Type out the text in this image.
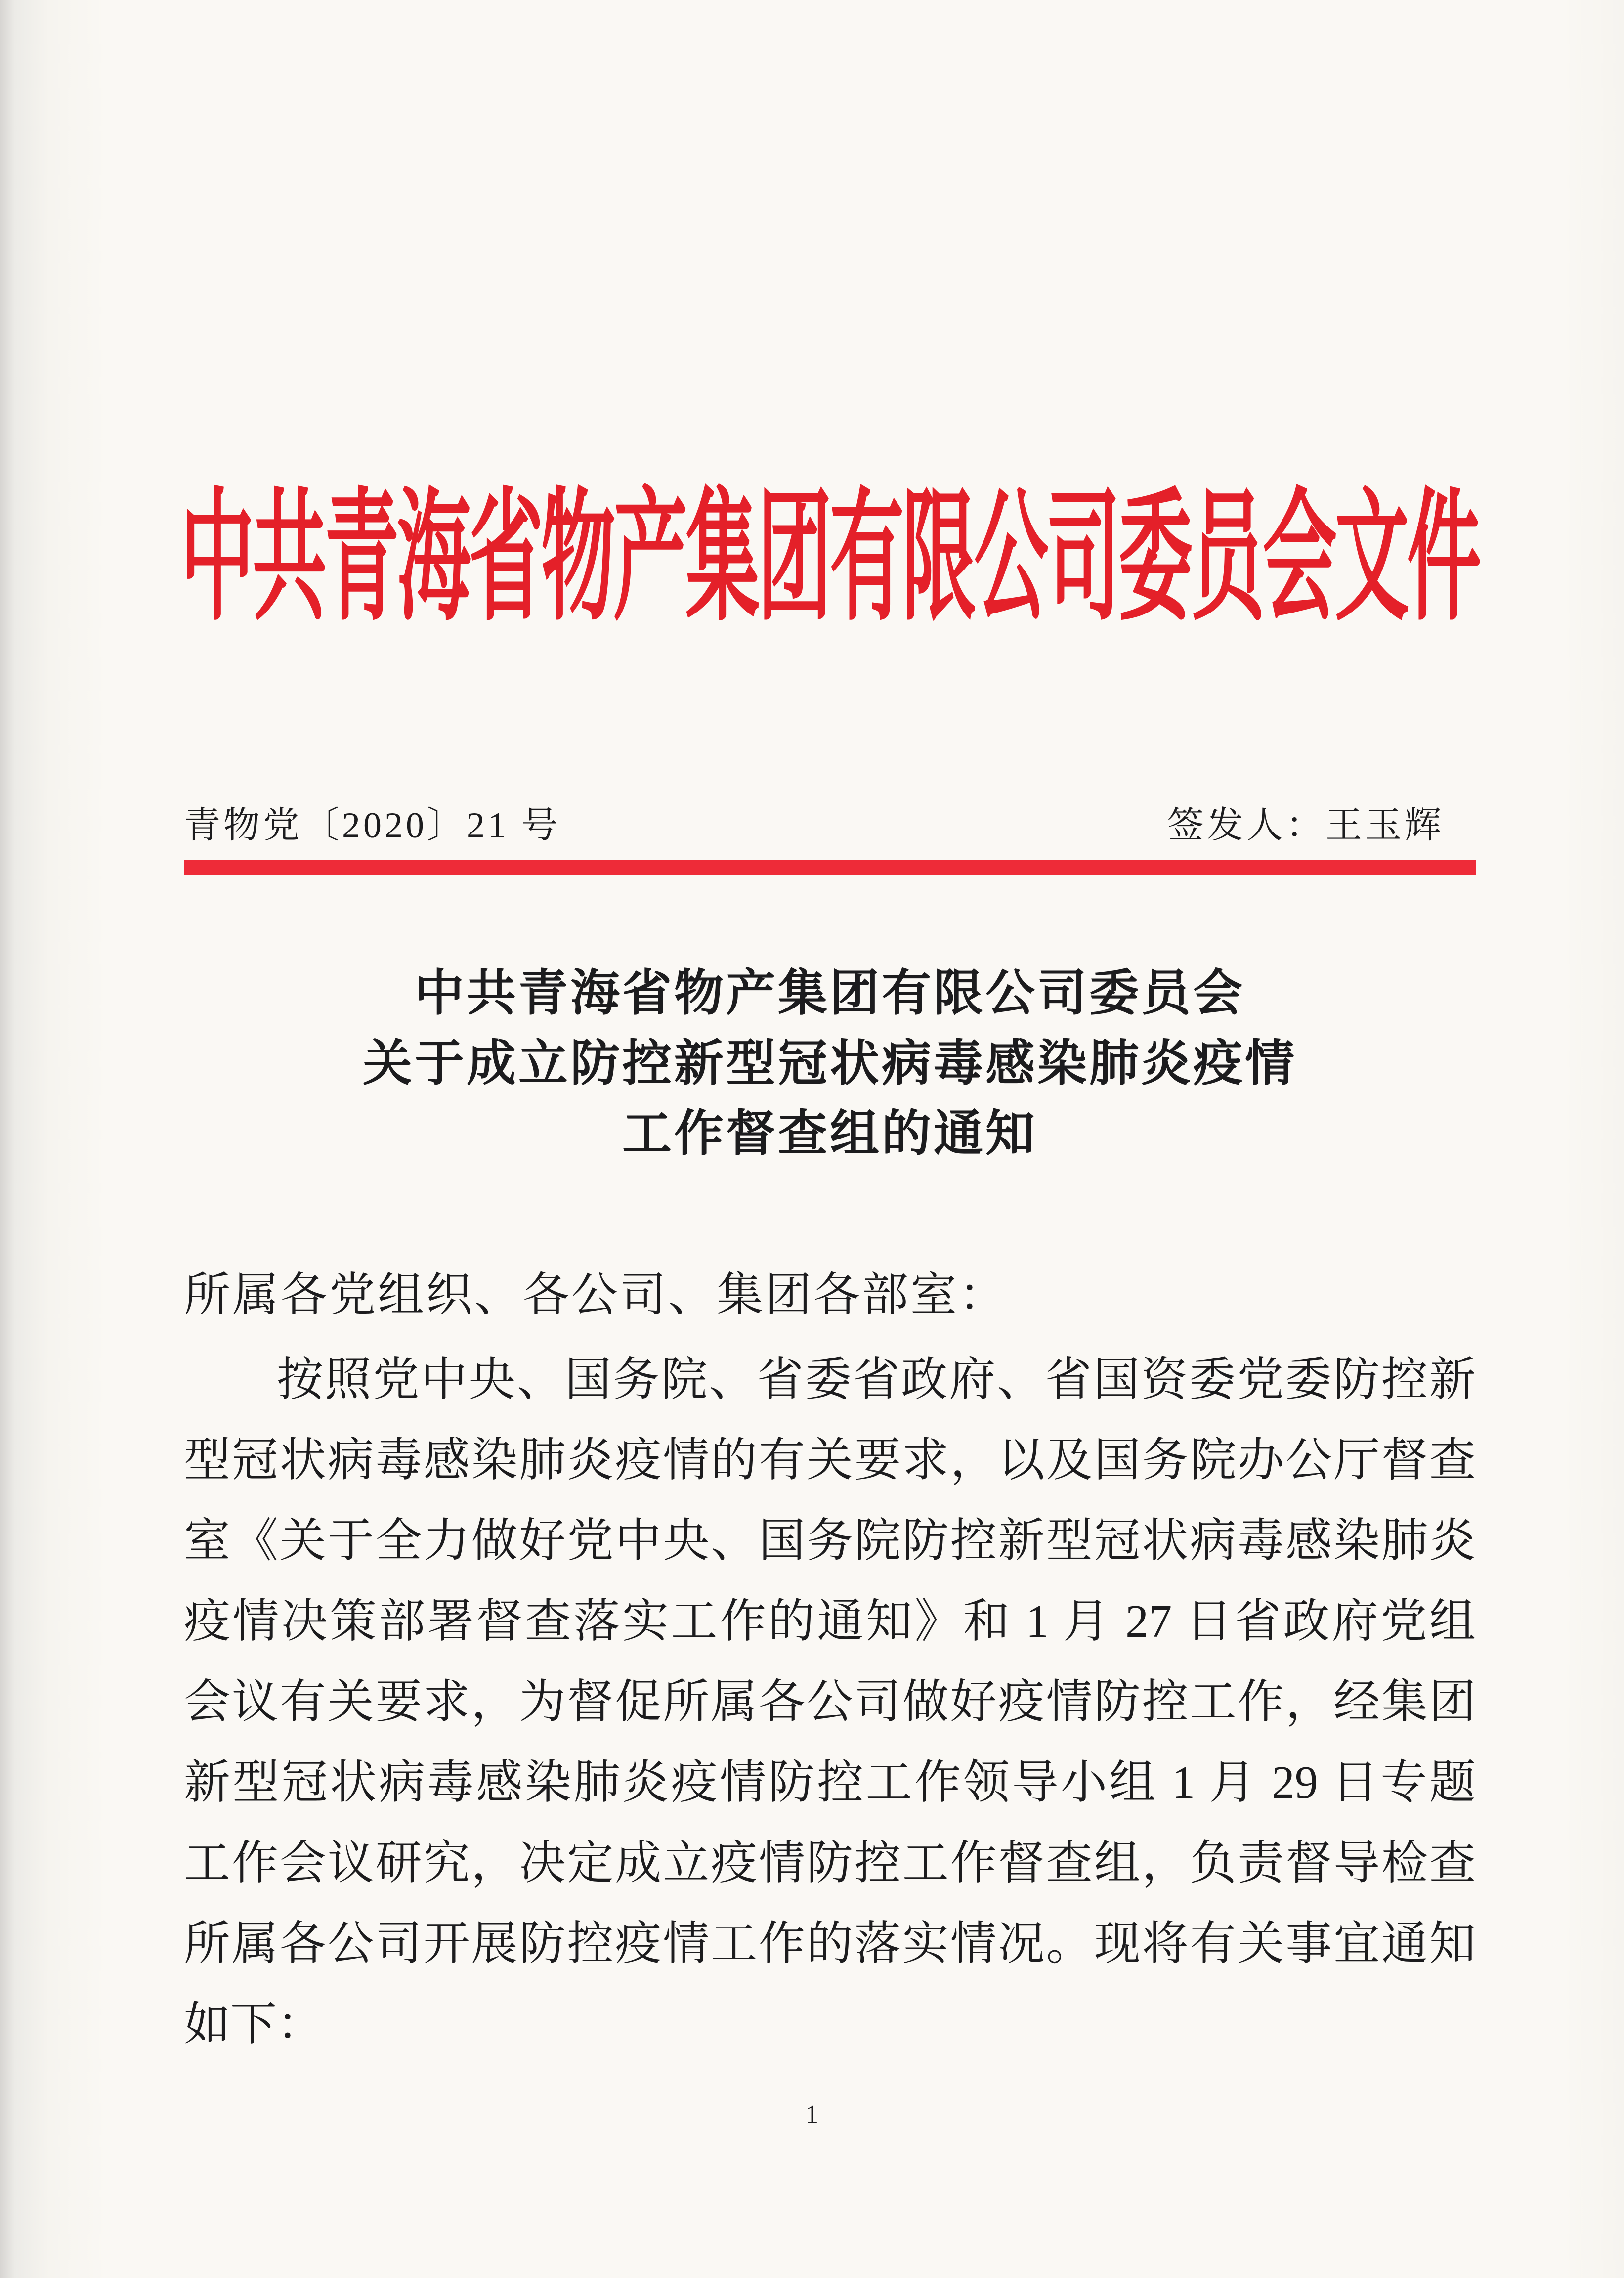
中共青海省物产集团有限公司委员会文件
青物党〔2020〕21 号	签发人：王玉辉
中共青海省物产集团有限公司委员会
关于成立防控新型冠状病毒感染肺炎疫情
工作督查组的通知
所属各党组织、各公司、集团各部室：
按照党中央、国务院、省委省政府、省国资委党委防控新
型冠状病毒感染肺炎疫情的有关要求，以及国务院办公厅督查
室《关于全力做好党中央、国务院防控新型冠状病毒感染肺炎
疫情决策部署督查落实工作的通知》和 1 月 27 日省政府党组
会议有关要求，为督促所属各公司做好疫情防控工作，经集团
新型冠状病毒感染肺炎疫情防控工作领导小组 1 月 29 日专题
工作会议研究，决定成立疫情防控工作督查组，负责督导检查
所属各公司开展防控疫情工作的落实情况。现将有关事宜通知
如下：
1
